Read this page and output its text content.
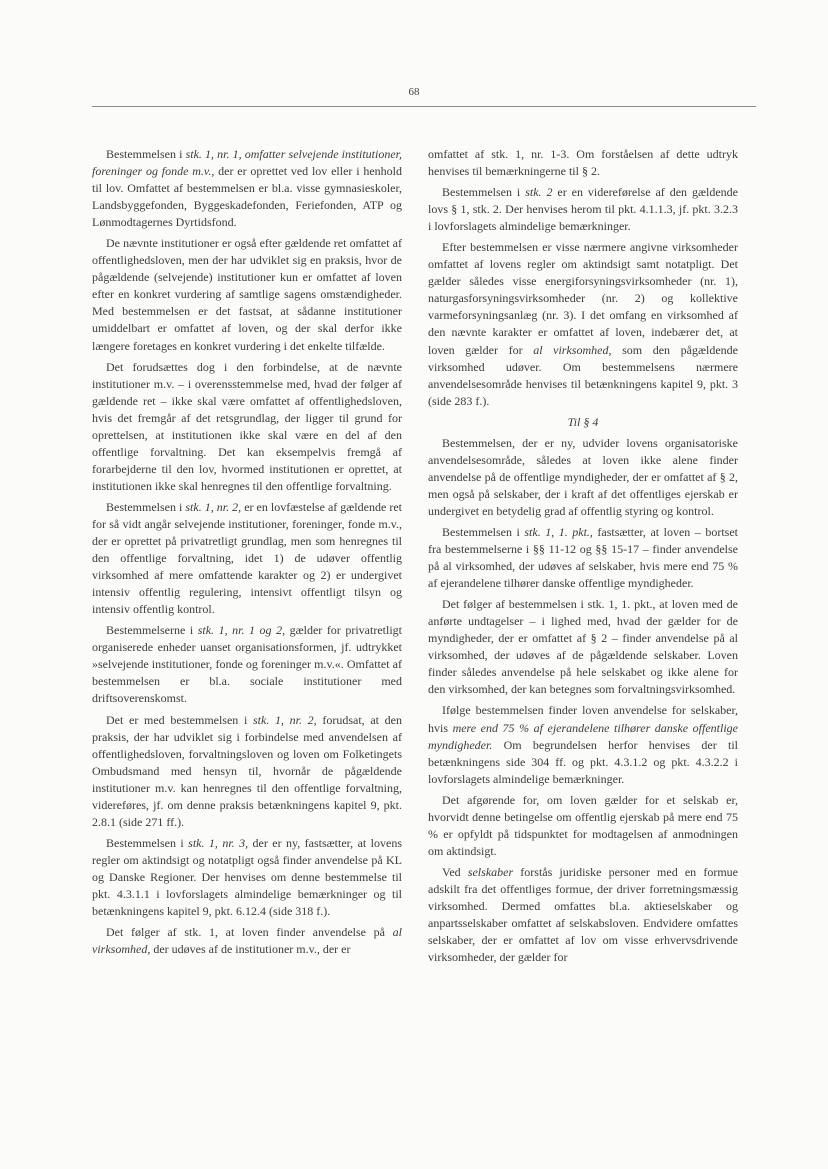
68

Bestemmelsen i stk. 1, nr. 1, omfatter selvejende institutioner, foreninger og fonde m.v., der er oprettet ved lov eller i henhold til lov. Omfattet af bestemmelsen er bl.a. visse gymnasieskoler, Landsbyggefonden, Byggeskadefonden, Feriefonden, ATP og Lønmodtagernes Dyrtidsfond.

De nævnte institutioner er også efter gældende ret omfattet af offentlighedsloven, men der har udviklet sig en praksis, hvor de pågældende (selvejende) institutioner kun er omfattet af loven efter en konkret vurdering af samtlige sagens omstændigheder. Med bestemmelsen er det fastsat, at sådanne institutioner umiddelbart er omfattet af loven, og der skal derfor ikke længere foretages en konkret vurdering i det enkelte tilfælde.

Det forudsættes dog i den forbindelse, at de nævnte institutioner m.v. – i overensstemmelse med, hvad der følger af gældende ret – ikke skal være omfattet af offentlighedsloven, hvis det fremgår af det retsgrundlag, der ligger til grund for oprettelsen, at institutionen ikke skal være en del af den offentlige forvaltning. Det kan eksempelvis fremgå af forarbejderne til den lov, hvormed institutionen er oprettet, at institutionen ikke skal henregnes til den offentlige forvaltning.

Bestemmelsen i stk. 1, nr. 2, er en lovfæstelse af gældende ret for så vidt angår selvejende institutioner, foreninger, fonde m.v., der er oprettet på privatretligt grundlag, men som henregnes til den offentlige forvaltning, idet 1) de udøver offentlig virksomhed af mere omfattende karakter og 2) er undergivet intensiv offentlig regulering, intensivt offentligt tilsyn og intensiv offentlig kontrol.

Bestemmelserne i stk. 1, nr. 1 og 2, gælder for privatretligt organiserede enheder uanset organisationsformen, jf. udtrykket »selvejende institutioner, fonde og foreninger m.v.«. Omfattet af bestemmelsen er bl.a. sociale institutioner med driftsoverenskomst.

Det er med bestemmelsen i stk. 1, nr. 2, forudsat, at den praksis, der har udviklet sig i forbindelse med anvendelsen af offentlighedsloven, forvaltningsloven og loven om Folketingets Ombudsmand med hensyn til, hvornår de pågældende institutioner m.v. kan henregnes til den offentlige forvaltning, videreføres, jf. om denne praksis betænkningens kapitel 9, pkt. 2.8.1 (side 271 ff.).

Bestemmelsen i stk. 1, nr. 3, der er ny, fastsætter, at lovens regler om aktindsigt og notatpligt også finder anvendelse på KL og Danske Regioner. Der henvises om denne bestemmelse til pkt. 4.3.1.1 i lovforslagets almindelige bemærkninger og til betænkningens kapitel 9, pkt. 6.12.4 (side 318 f.).

Det følger af stk. 1, at loven finder anvendelse på al virksomhed, der udøves af de institutioner m.v., der er

omfattet af stk. 1, nr. 1-3. Om forståelsen af dette udtryk henvises til bemærkningerne til § 2.

Bestemmelsen i stk. 2 er en videreførelse af den gældende lovs § 1, stk. 2. Der henvises herom til pkt. 4.1.1.3, jf. pkt. 3.2.3 i lovforslagets almindelige bemærkninger.

Efter bestemmelsen er visse nærmere angivne virksomheder omfattet af lovens regler om aktindsigt samt notatpligt. Det gælder således visse energiforsyningsvirksomheder (nr. 1), naturgasforsyningsvirksomheder (nr. 2) og kollektive varmeforsyningsanlæg (nr. 3). I det omfang en virksomhed af den nævnte karakter er omfattet af loven, indebærer det, at loven gælder for al virksomhed, som den pågældende virksomhed udøver. Om bestemmelsens nærmere anvendelsesområde henvises til betænkningens kapitel 9, pkt. 3 (side 283 f.).

Til § 4

Bestemmelsen, der er ny, udvider lovens organisatoriske anvendelsesområde, således at loven ikke alene finder anvendelse på de offentlige myndigheder, der er omfattet af § 2, men også på selskaber, der i kraft af det offentliges ejerskab er undergivet en betydelig grad af offentlig styring og kontrol.

Bestemmelsen i stk. 1, 1. pkt., fastsætter, at loven – bortset fra bestemmelserne i §§ 11-12 og §§ 15-17 – finder anvendelse på al virksomhed, der udøves af selskaber, hvis mere end 75 % af ejerandelene tilhører danske offentlige myndigheder.

Det følger af bestemmelsen i stk. 1, 1. pkt., at loven med de anførte undtagelser – i lighed med, hvad der gælder for de myndigheder, der er omfattet af § 2 – finder anvendelse på al virksomhed, der udøves af de pågældende selskaber. Loven finder således anvendelse på hele selskabet og ikke alene for den virksomhed, der kan betegnes som forvaltningsvirksomhed.

Ifølge bestemmelsen finder loven anvendelse for selskaber, hvis mere end 75 % af ejerandelene tilhører danske offentlige myndigheder. Om begrundelsen herfor henvises der til betænkningens side 304 ff. og pkt. 4.3.1.2 og pkt. 4.3.2.2 i lovforslagets almindelige bemærkninger.

Det afgørende for, om loven gælder for et selskab er, hvorvidt denne betingelse om offentlig ejerskab på mere end 75 % er opfyldt på tidspunktet for modtagelsen af anmodningen om aktindsigt.

Ved selskaber forstås juridiske personer med en formue adskilt fra det offentliges formue, der driver forretningsmæssig virksomhed. Dermed omfattes bl.a. aktieselskaber og anpartsselskaber omfattet af selskabsloven. Endvidere omfattes selskaber, der er omfattet af lov om visse erhvervsdrivende virksomheder, der gælder for
